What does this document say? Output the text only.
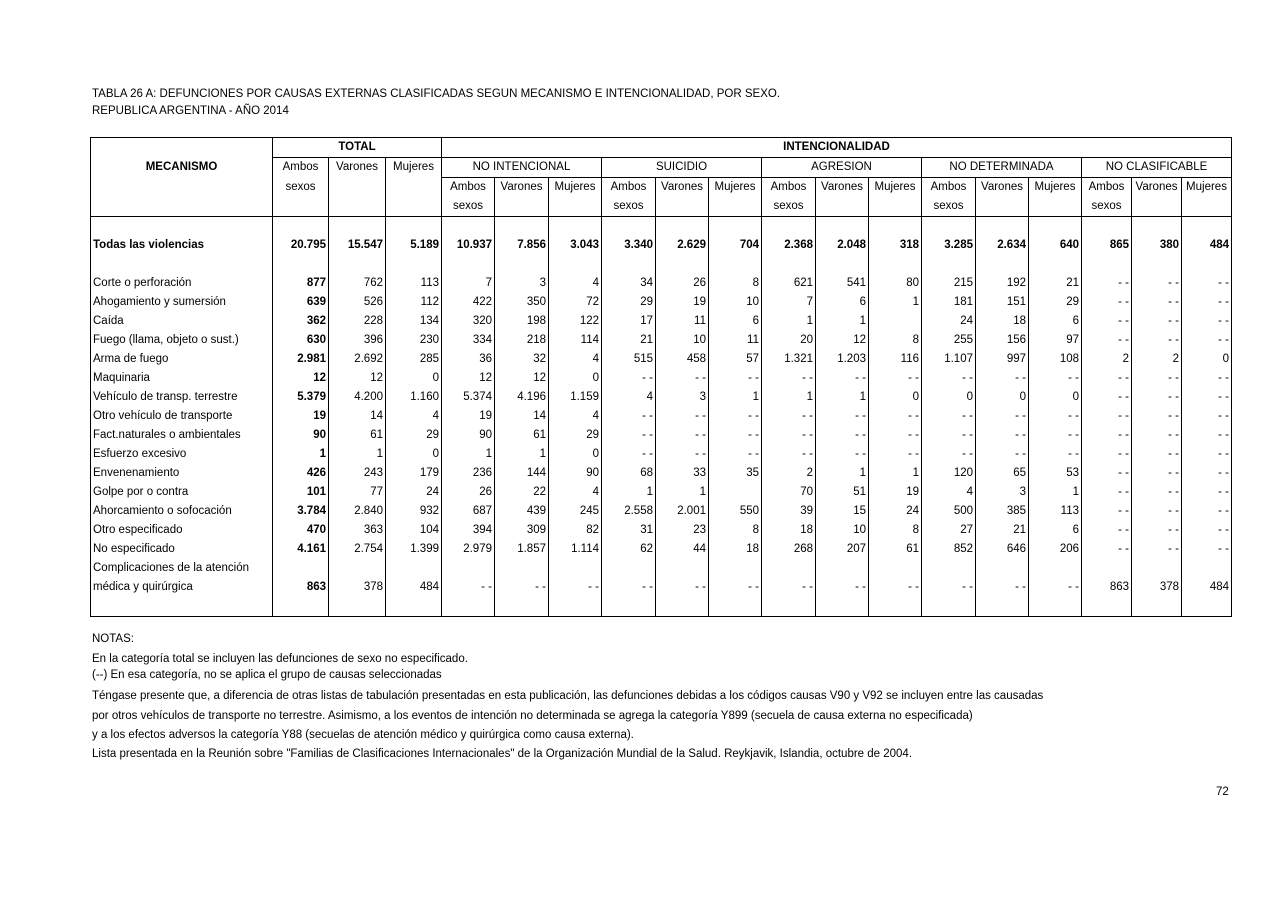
TABLA 26 A: DEFUNCIONES POR CAUSAS EXTERNAS CLASIFICADAS SEGUN MECANISMO E INTENCIONALIDAD, POR SEXO.
REPUBLICA ARGENTINA - AÑO 2014
	TOTAL			INTENCIONALIDAD														
MECANISMO	Ambos	Varones	Mujeres	NO INTENCIONAL			SUICIDIO			AGRESION			NO DETERMINADA			NO CLASIFICABLE		
	sexos			Ambos	Varones	Mujeres	Ambos	Varones	Mujeres	Ambos	Varones	Mujeres	Ambos	Varones	Mujeres	Ambos	Varones	Mujeres
				sexos			sexos			sexos			sexos			sexos		

Todas las violencias	20.795	15.547	5.189	10.937	7.856	3.043	3.340	2.629	704	2.368	2.048	318	3.285	2.634	640	865	380	484

Corte o perforación	877	762	113	7	3	4	34	26	8	621	541	80	215	192	21	- -	- -	- -
Ahogamiento y sumersión	639	526	112	422	350	72	29	19	10	7	6	1	181	151	29	- -	- -	- -
Caída	362	228	134	320	198	122	17	11	6	1	1		24	18	6	- -	- -	- -
Fuego (llama, objeto o sust.)	630	396	230	334	218	114	21	10	11	20	12	8	255	156	97	- -	- -	- -
Arma de fuego	2.981	2.692	285	36	32	4	515	458	57	1.321	1.203	116	1.107	997	108	2	2	0
Maquinaria	12	12	0	12	12	0	- -	- -	- -	- -	- -	- -	- -	- -	- -	- -	- -	- -
Vehículo de transp. terrestre	5.379	4.200	1.160	5.374	4.196	1.159	4	3	1	1	1	0	0	0	0	- -	- -	- -
Otro vehículo de transporte	19	14	4	19	14	4	- -	- -	- -	- -	- -	- -	- -	- -	- -	- -	- -	- -
Fact.naturales o ambientales	90	61	29	90	61	29	- -	- -	- -	- -	- -	- -	- -	- -	- -	- -	- -	- -
Esfuerzo excesivo	1	1	0	1	1	0	- -	- -	- -	- -	- -	- -	- -	- -	- -	- -	- -	- -
Envenenamiento	426	243	179	236	144	90	68	33	35	2	1	1	120	65	53	- -	- -	- -
Golpe por o contra	101	77	24	26	22	4	1	1		70	51	19	4	3	1	- -	- -	- -
Ahorcamiento o sofocación	3.784	2.840	932	687	439	245	2.558	2.001	550	39	15	24	500	385	113	- -	- -	- -
Otro especificado	470	363	104	394	309	82	31	23	8	18	10	8	27	21	6	- -	- -	- -
No especificado	4.161	2.754	1.399	2.979	1.857	1.114	62	44	18	268	207	61	852	646	206	- -	- -	- -
Complicaciones de la atención																		
médica y quirúrgica	863	378	484	- -	- -	- -	- -	- -	- -	- -	- -	- -	- -	- -	- -	863	378	484

NOTAS:
En la categoría total se incluyen las defunciones de sexo no especificado.
(--) En esa categoría, no se aplica el grupo de causas seleccionadas
Téngase presente que, a diferencia de otras listas de tabulación presentadas en esta publicación, las defunciones debidas a los códigos causas V90 y V92 se incluyen entre las causadas
por otros vehículos de transporte no terrestre. Asimismo, a los eventos de intención no determinada se agrega la categoría Y899 (secuela de causa externa no especificada)
y a los efectos adversos la categoría Y88 (secuelas de atención médico y quirúrgica como causa externa).
Lista presentada en la Reunión sobre "Familias de Clasificaciones Internacionales" de la Organización Mundial de la Salud. Reykjavik, Islandia, octubre de 2004.
72
